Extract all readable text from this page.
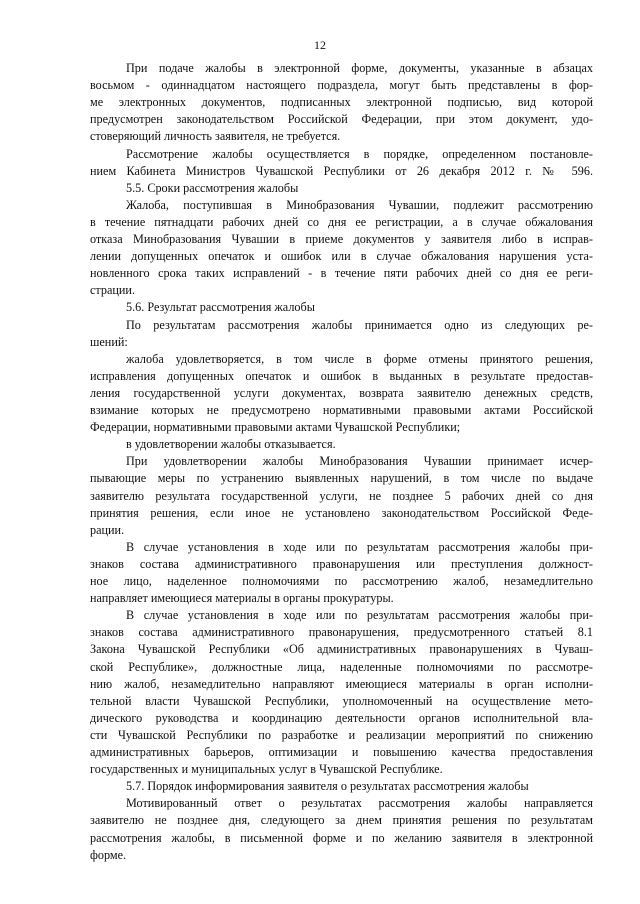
12
При подаче жалобы в электронной форме, документы, указанные в абзацах
восьмом - одиннадцатом настоящего подраздела, могут быть представлены в фор-
ме электронных документов, подписанных электронной подписью, вид которой
предусмотрен законодательством Российской Федерации, при этом документ, удо-
стоверяющий личность заявителя, не требуется.
Рассмотрение жалобы осуществляется в порядке, определенном постановле-
нием Кабинета Министров Чувашской Республики от 26 декабря 2012 г. № 596.
5.5. Сроки рассмотрения жалобы
Жалоба, поступившая в Минобразования Чувашии, подлежит рассмотрению
в течение пятнадцати рабочих дней со дня ее регистрации, а в случае обжалования
отказа Минобразования Чувашии в приеме документов у заявителя либо в исправ-
лении допущенных опечаток и ошибок или в случае обжалования нарушения уста-
новленного срока таких исправлений - в течение пяти рабочих дней со дня ее реги-
страции.
5.6. Результат рассмотрения жалобы
По результатам рассмотрения жалобы принимается одно из следующих ре-
шений:
жалоба удовлетворяется, в том числе в форме отмены принятого решения,
исправления допущенных опечаток и ошибок в выданных в результате предостав-
ления государственной услуги документах, возврата заявителю денежных средств,
взимание которых не предусмотрено нормативными правовыми актами Российской
Федерации, нормативными правовыми актами Чувашской Республики;
в удовлетворении жалобы отказывается.
При удовлетворении жалобы Минобразования Чувашии принимает исчер-
пывающие меры по устранению выявленных нарушений, в том числе по выдаче
заявителю результата государственной услуги, не позднее 5 рабочих дней со дня
принятия решения, если иное не установлено законодательством Российской Феде-
рации.
В случае установления в ходе или по результатам рассмотрения жалобы при-
знаков состава административного правонарушения или преступления должност-
ное лицо, наделенное полномочиями по рассмотрению жалоб, незамедлительно
направляет имеющиеся материалы в органы прокуратуры.
В случае установления в ходе или по результатам рассмотрения жалобы при-
знаков состава административного правонарушения, предусмотренного статьей 8.1
Закона Чувашской Республики «Об административных правонарушениях в Чуваш-
ской Республике», должностные лица, наделенные полномочиями по рассмотре-
нию жалоб, незамедлительно направляют имеющиеся материалы в орган исполни-
тельной власти Чувашской Республики, уполномоченный на осуществление мето-
дического руководства и координацию деятельности органов исполнительной вла-
сти Чувашской Республики по разработке и реализации мероприятий по снижению
административных барьеров, оптимизации и повышению качества предоставления
государственных и муниципальных услуг в Чувашской Республике.
5.7. Порядок информирования заявителя о результатах рассмотрения жалобы
Мотивированный ответ о результатах рассмотрения жалобы направляется
заявителю не позднее дня, следующего за днем принятия решения по результатам
рассмотрения жалобы, в письменной форме и по желанию заявителя в электронной
форме.
